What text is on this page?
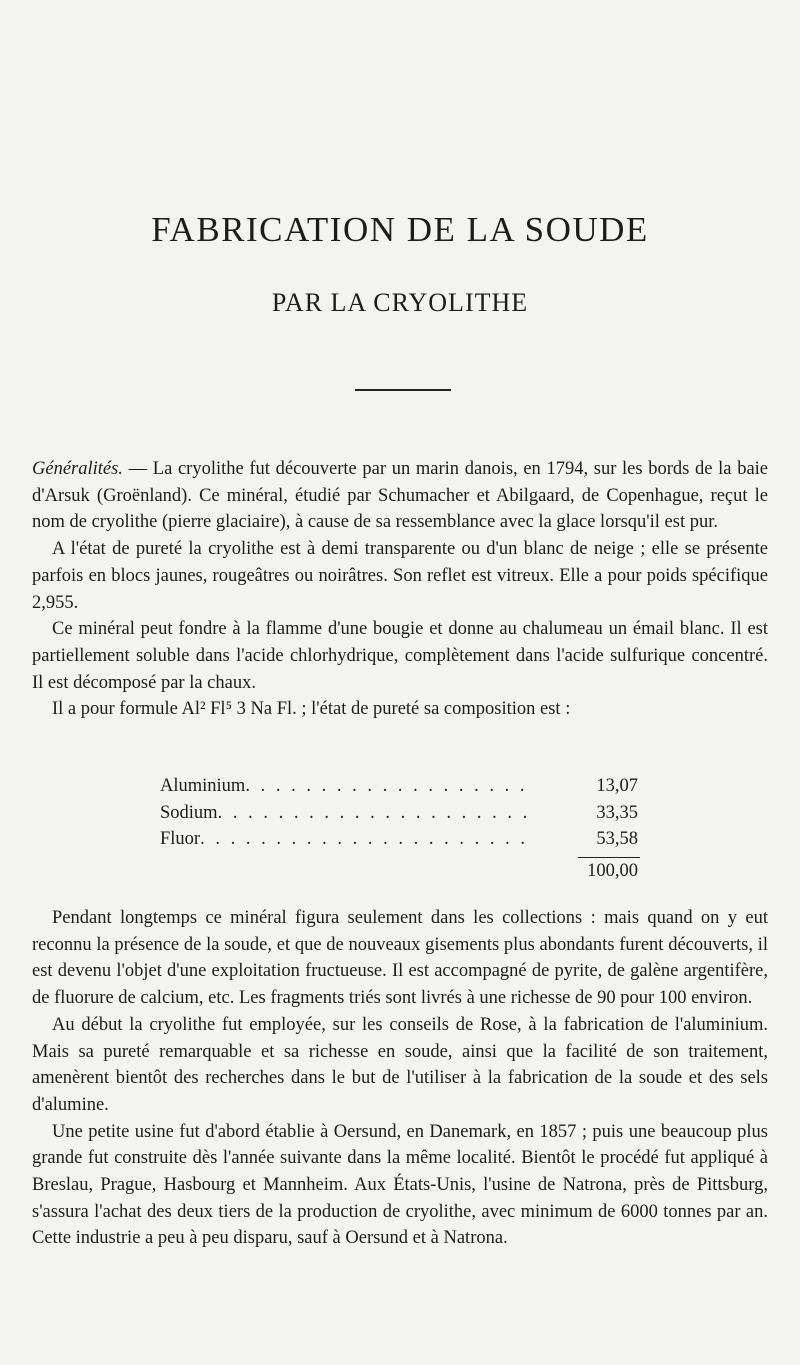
FABRICATION DE LA SOUDE
PAR LA CRYOLITHE

Généralités. — La cryolithe fut découverte par un marin danois, en 1794, sur les bords de la baie d'Arsuk (Groënland). Ce minéral, étudié par Schumacher et Abilgaard, de Copenhague, reçut le nom de cryolithe (pierre glaciaire), à cause de sa ressemblance avec la glace lorsqu'il est pur.

A l'état de pureté la cryolithe est à demi transparente ou d'un blanc de neige ; elle se présente parfois en blocs jaunes, rougeâtres ou noirâtres. Son reflet est vitreux. Elle a pour poids spécifique 2,955.

Ce minéral peut fondre à la flamme d'une bougie et donne au chalumeau un émail blanc. Il est partiellement soluble dans l'acide chlorhydrique, complètement dans l'acide sulfurique concentré. Il est décomposé par la chaux.

Il a pour formule Al² Fl⁵ 3 Na Fl. ; l'état de pureté sa composition est :

Aluminium. . . . . . . . . . . . . . . . . . .	13,07
Sodium. . . . . . . . . . . . . . . . . . . . .	33,35
Fluor. . . . . . . . . . . . . . . . . . . . . .	53,58
100,00

Pendant longtemps ce minéral figura seulement dans les collections : mais quand on y eut reconnu la présence de la soude, et que de nouveaux gisements plus abondants furent découverts, il est devenu l'objet d'une exploitation fructueuse. Il est accompagné de pyrite, de galène argentifère, de fluorure de calcium, etc. Les fragments triés sont livrés à une richesse de 90 pour 100 environ.

Au début la cryolithe fut employée, sur les conseils de Rose, à la fabrication de l'aluminium. Mais sa pureté remarquable et sa richesse en soude, ainsi que la facilité de son traitement, amenèrent bientôt des recherches dans le but de l'utiliser à la fabrication de la soude et des sels d'alumine.

Une petite usine fut d'abord établie à Oersund, en Danemark, en 1857 ; puis une beaucoup plus grande fut construite dès l'année suivante dans la même localité. Bientôt le procédé fut appliqué à Breslau, Prague, Hasbourg et Mannheim. Aux États-Unis, l'usine de Natrona, près de Pittsburg, s'assura l'achat des deux tiers de la production de cryolithe, avec minimum de 6000 tonnes par an. Cette industrie a peu à peu disparu, sauf à Oersund et à Natrona.
